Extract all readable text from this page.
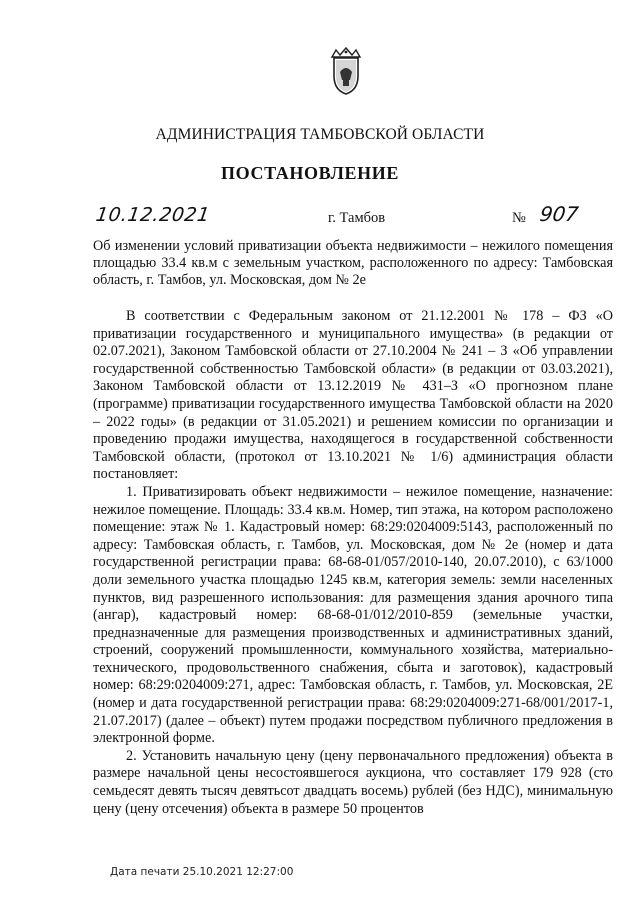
АДМИНИСТРАЦИЯ ТАМБОВСКОЙ ОБЛАСТИ
ПОСТАНОВЛЕНИЕ
10.12.2021	г. Тамбов	№ 907
Об изменении условий приватизации объекта недвижимости – нежилого помещения площадью 33.4 кв.м с земельным участком, расположенного по адресу: Тамбовская область, г. Тамбов, ул. Московская, дом № 2е

В соответствии с Федеральным законом от 21.12.2001 № 178 – ФЗ «О приватизации государственного и муниципального имущества» (в редакции от 02.07.2021), Законом Тамбовской области от 27.10.2004 № 241 – З «Об управлении государственной собственностью Тамбовской области» (в редакции от 03.03.2021), Законом Тамбовской области от 13.12.2019 № 431–З «О прогнозном плане (программе) приватизации государственного имущества Тамбовской области на 2020 – 2022 годы» (в редакции от 31.05.2021) и решением комиссии по организации и проведению продажи имущества, находящегося в государственной собственности Тамбовской области, (протокол от 13.10.2021 № 1/6) администрация области постановляет:

1. Приватизировать объект недвижимости – нежилое помещение, назначение: нежилое помещение. Площадь: 33.4 кв.м. Номер, тип этажа, на котором расположено помещение: этаж № 1. Кадастровый номер: 68:29:0204009:5143, расположенный по адресу: Тамбовская область, г. Тамбов, ул. Московская, дом № 2е (номер и дата государственной регистрации права: 68-68-01/057/2010-140, 20.07.2010), с 63/1000 доли земельного участка площадью 1245 кв.м, категория земель: земли населенных пунктов, вид разрешенного использования: для размещения здания арочного типа (ангар), кадастровый номер: 68-68-01/012/2010-859 (земельные участки, предназначенные для размещения производственных и административных зданий, строений, сооружений промышленности, коммунального хозяйства, материально-технического, продовольственного снабжения, сбыта и заготовок), кадастровый номер: 68:29:0204009:271, адрес: Тамбовская область, г. Тамбов, ул. Московская, 2Е (номер и дата государственной регистрации права: 68:29:0204009:271-68/001/2017-1, 21.07.2017) (далее – объект) путем продажи посредством публичного предложения в электронной форме.

2. Установить начальную цену (цену первоначального предложения) объекта в размере начальной цены несостоявшегося аукциона, что составляет 179 928 (сто семьдесят девять тысяч девятьсот двадцать восемь) рублей (без НДС), минимальную цену (цену отсечения) объекта в размере 50 процентов

Дата печати 25.10.2021 12:27:00
